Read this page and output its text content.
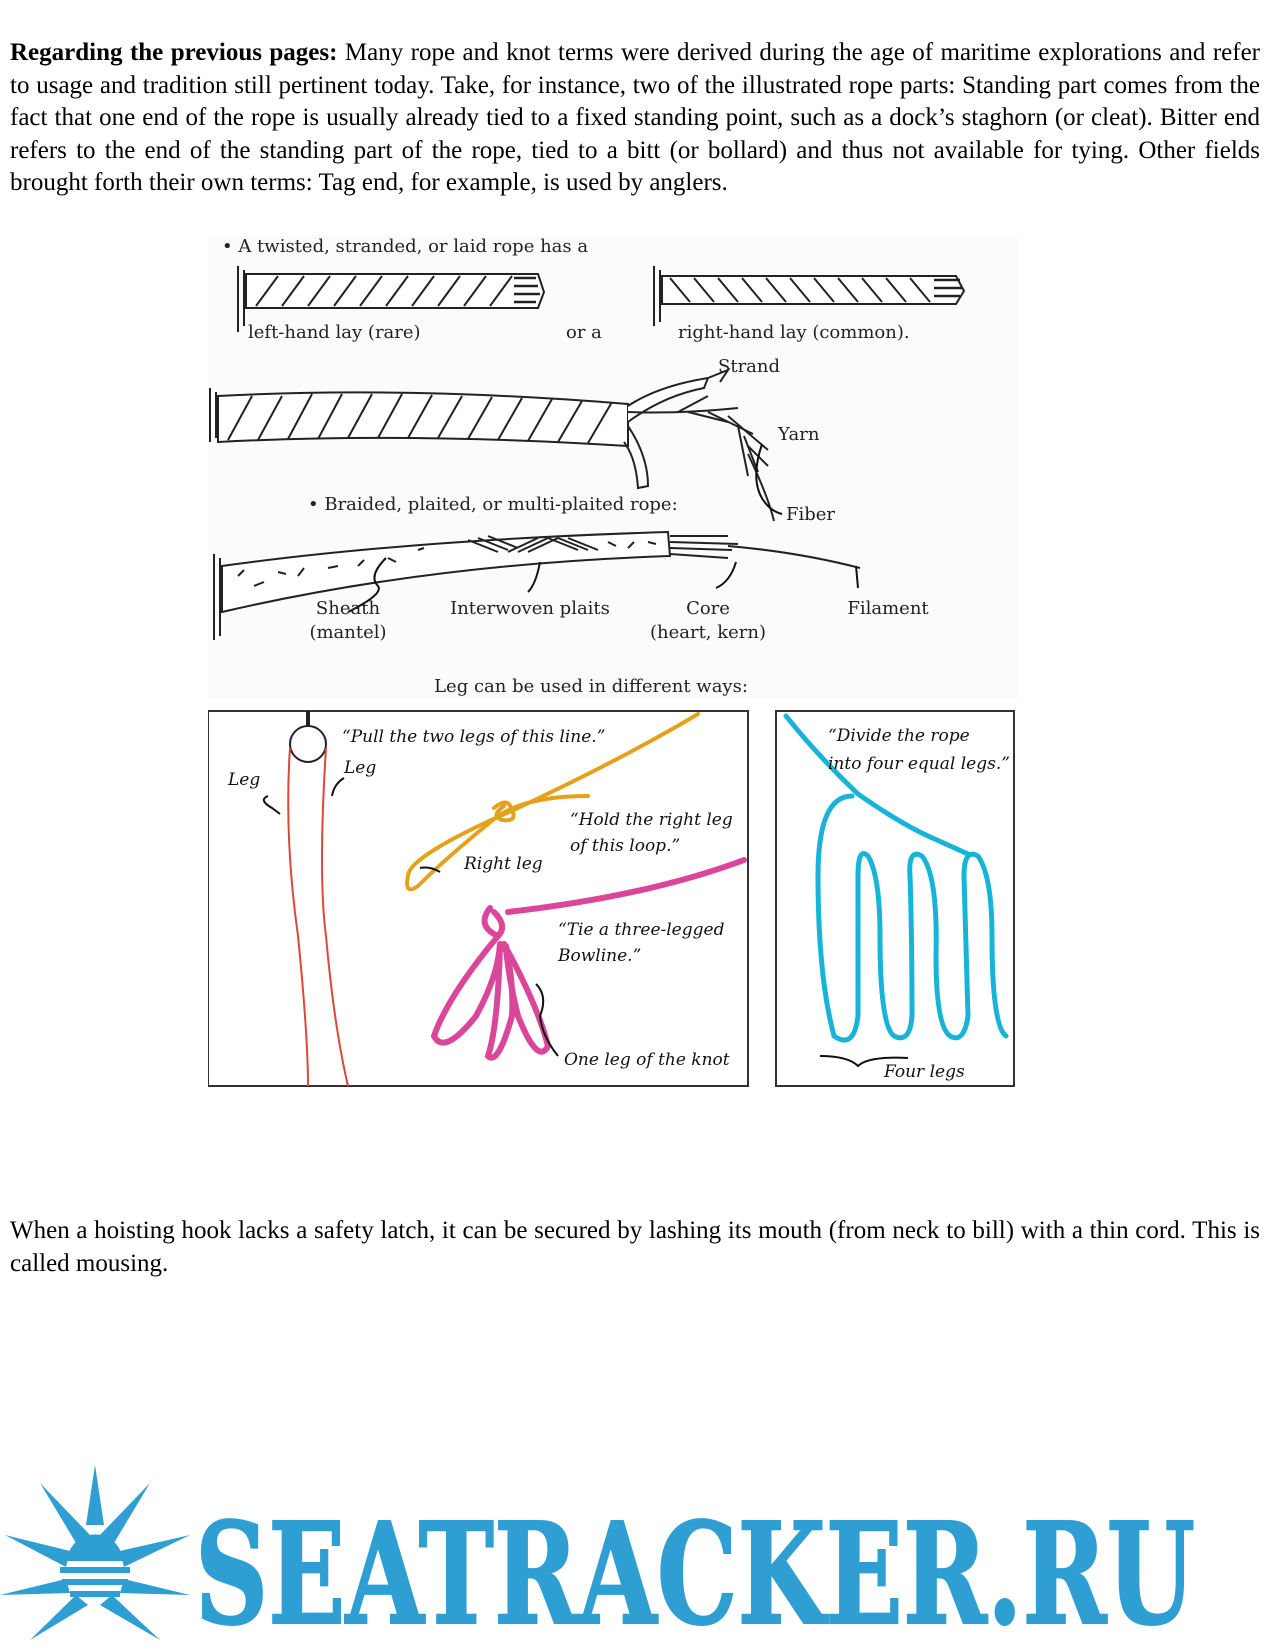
Regarding the previous pages: Many rope and knot terms were derived during the age of maritime explorations and refer to usage and tradition still pertinent today. Take, for instance, two of the illustrated rope parts: Standing part comes from the fact that one end of the rope is usually already tied to a fixed standing point, such as a dock’s staghorn (or cleat). Bitter end refers to the end of the standing part of the rope, tied to a bitt (or bollard) and thus not available for tying. Other fields brought forth their own terms: Tag end, for example, is used by anglers.

• A twisted, stranded, or laid rope has a
left-hand lay (rare)	or a	right-hand lay (common).
Strand
Yarn
Fiber
• Braided, plaited, or multi-plaited rope:
Sheath
(mantel)
Interwoven plaits	Core
(heart, kern)
Filament
Leg can be used in different ways:
“Pull the two legs of this line.”
Leg
Leg
“Hold the right leg
of this loop.”
Right leg
“Tie a three-legged
Bowline.”
One leg of the knot
“Divide the rope
into four equal legs.”
Four legs

When a hoisting hook lacks a safety latch, it can be secured by lashing its mouth (from neck to bill) with a thin cord. This is called mousing.

SEATRACKER.RU
